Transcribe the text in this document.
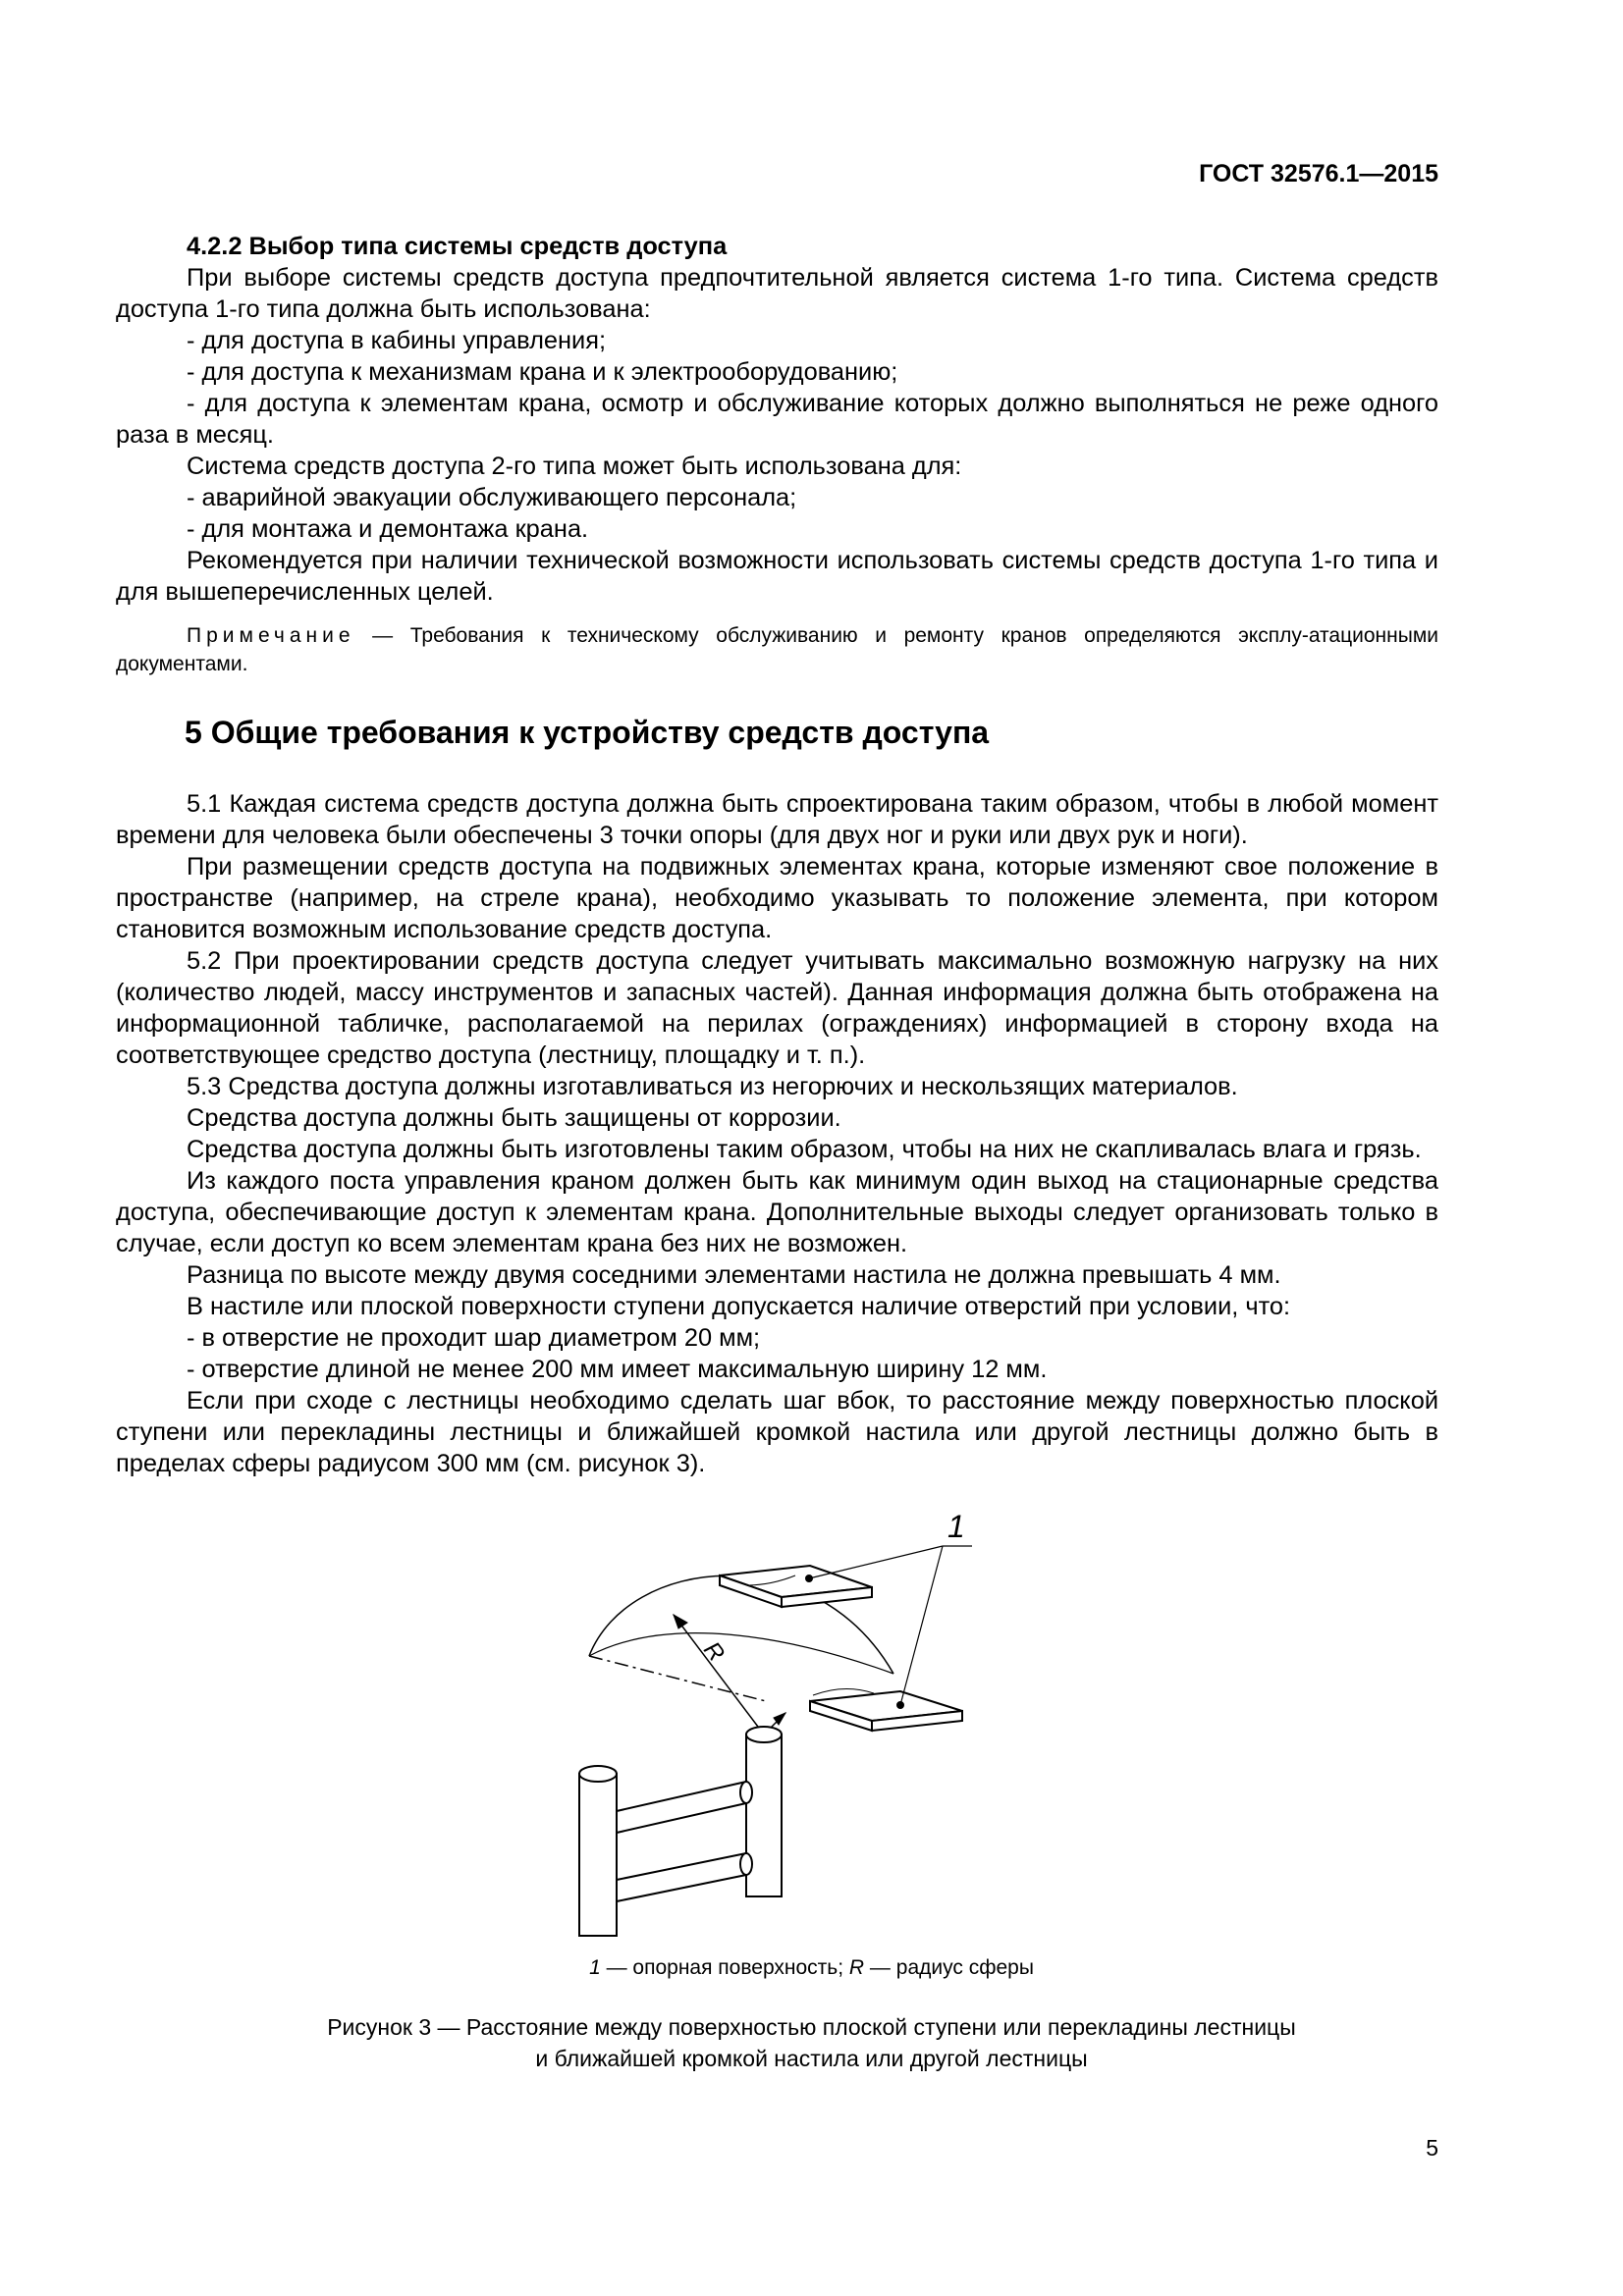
ГОСТ 32576.1—2015

4.2.2 Выбор типа системы средств доступа

При выборе системы средств доступа предпочтительной является система 1-го типа. Система средств доступа 1-го типа должна быть использована:

- для доступа в кабины управления;

- для доступа к механизмам крана и к электрооборудованию;

- для доступа к элементам крана, осмотр и обслуживание которых должно выполняться не реже одного раза в месяц.

Система средств доступа 2-го типа может быть использована для:

- аварийной эвакуации обслуживающего персонала;

- для монтажа и демонтажа крана.

Рекомендуется при наличии технической возможности использовать системы средств доступа 1-го типа и для вышеперечисленных целей.

Примечание — Требования к техническому обслуживанию и ремонту кранов определяются эксплу-атационными документами.

5 Общие требования к устройству средств доступа

5.1 Каждая система средств доступа должна быть спроектирована таким образом, чтобы в любой момент времени для человека были обеспечены 3 точки опоры (для двух ног и руки или двух рук и ноги).

При размещении средств доступа на подвижных элементах крана, которые изменяют свое положение в пространстве (например, на стреле крана), необходимо указывать то положение элемента, при котором становится возможным использование средств доступа.

5.2 При проектировании средств доступа следует учитывать максимально возможную нагрузку на них (количество людей, массу инструментов и запасных частей). Данная информация должна быть отображена на информационной табличке, располагаемой на перилах (ограждениях) информацией в сторону входа на соответствующее средство доступа (лестницу, площадку и т. п.).

5.3 Средства доступа должны изготавливаться из негорючих и нескользящих материалов.

Средства доступа должны быть защищены от коррозии.

Средства доступа должны быть изготовлены таким образом, чтобы на них не скапливалась влага и грязь.

Из каждого поста управления краном должен быть как минимум один выход на стационарные средства доступа, обеспечивающие доступ к элементам крана. Дополнительные выходы следует организовать только в случае, если доступ ко всем элементам крана без них не возможен.

Разница по высоте между двумя соседними элементами настила не должна превышать 4 мм.

В настиле или плоской поверхности ступени допускается наличие отверстий при условии, что:

- в отверстие не проходит шар диаметром 20 мм;

- отверстие длиной не менее 200 мм имеет максимальную ширину 12 мм.

Если при сходе с лестницы необходимо сделать шаг вбок, то расстояние между поверхностью плоской ступени или перекладины лестницы и ближайшей кромкой настила или другой лестницы должно быть в пределах сферы радиусом 300 мм (см. рисунок 3).

1
R
1 — опорная поверхность; R — радиус сферы
Рисунок 3 — Расстояние между поверхностью плоской ступени или перекладины лестницы
и ближайшей кромкой настила или другой лестницы
5
